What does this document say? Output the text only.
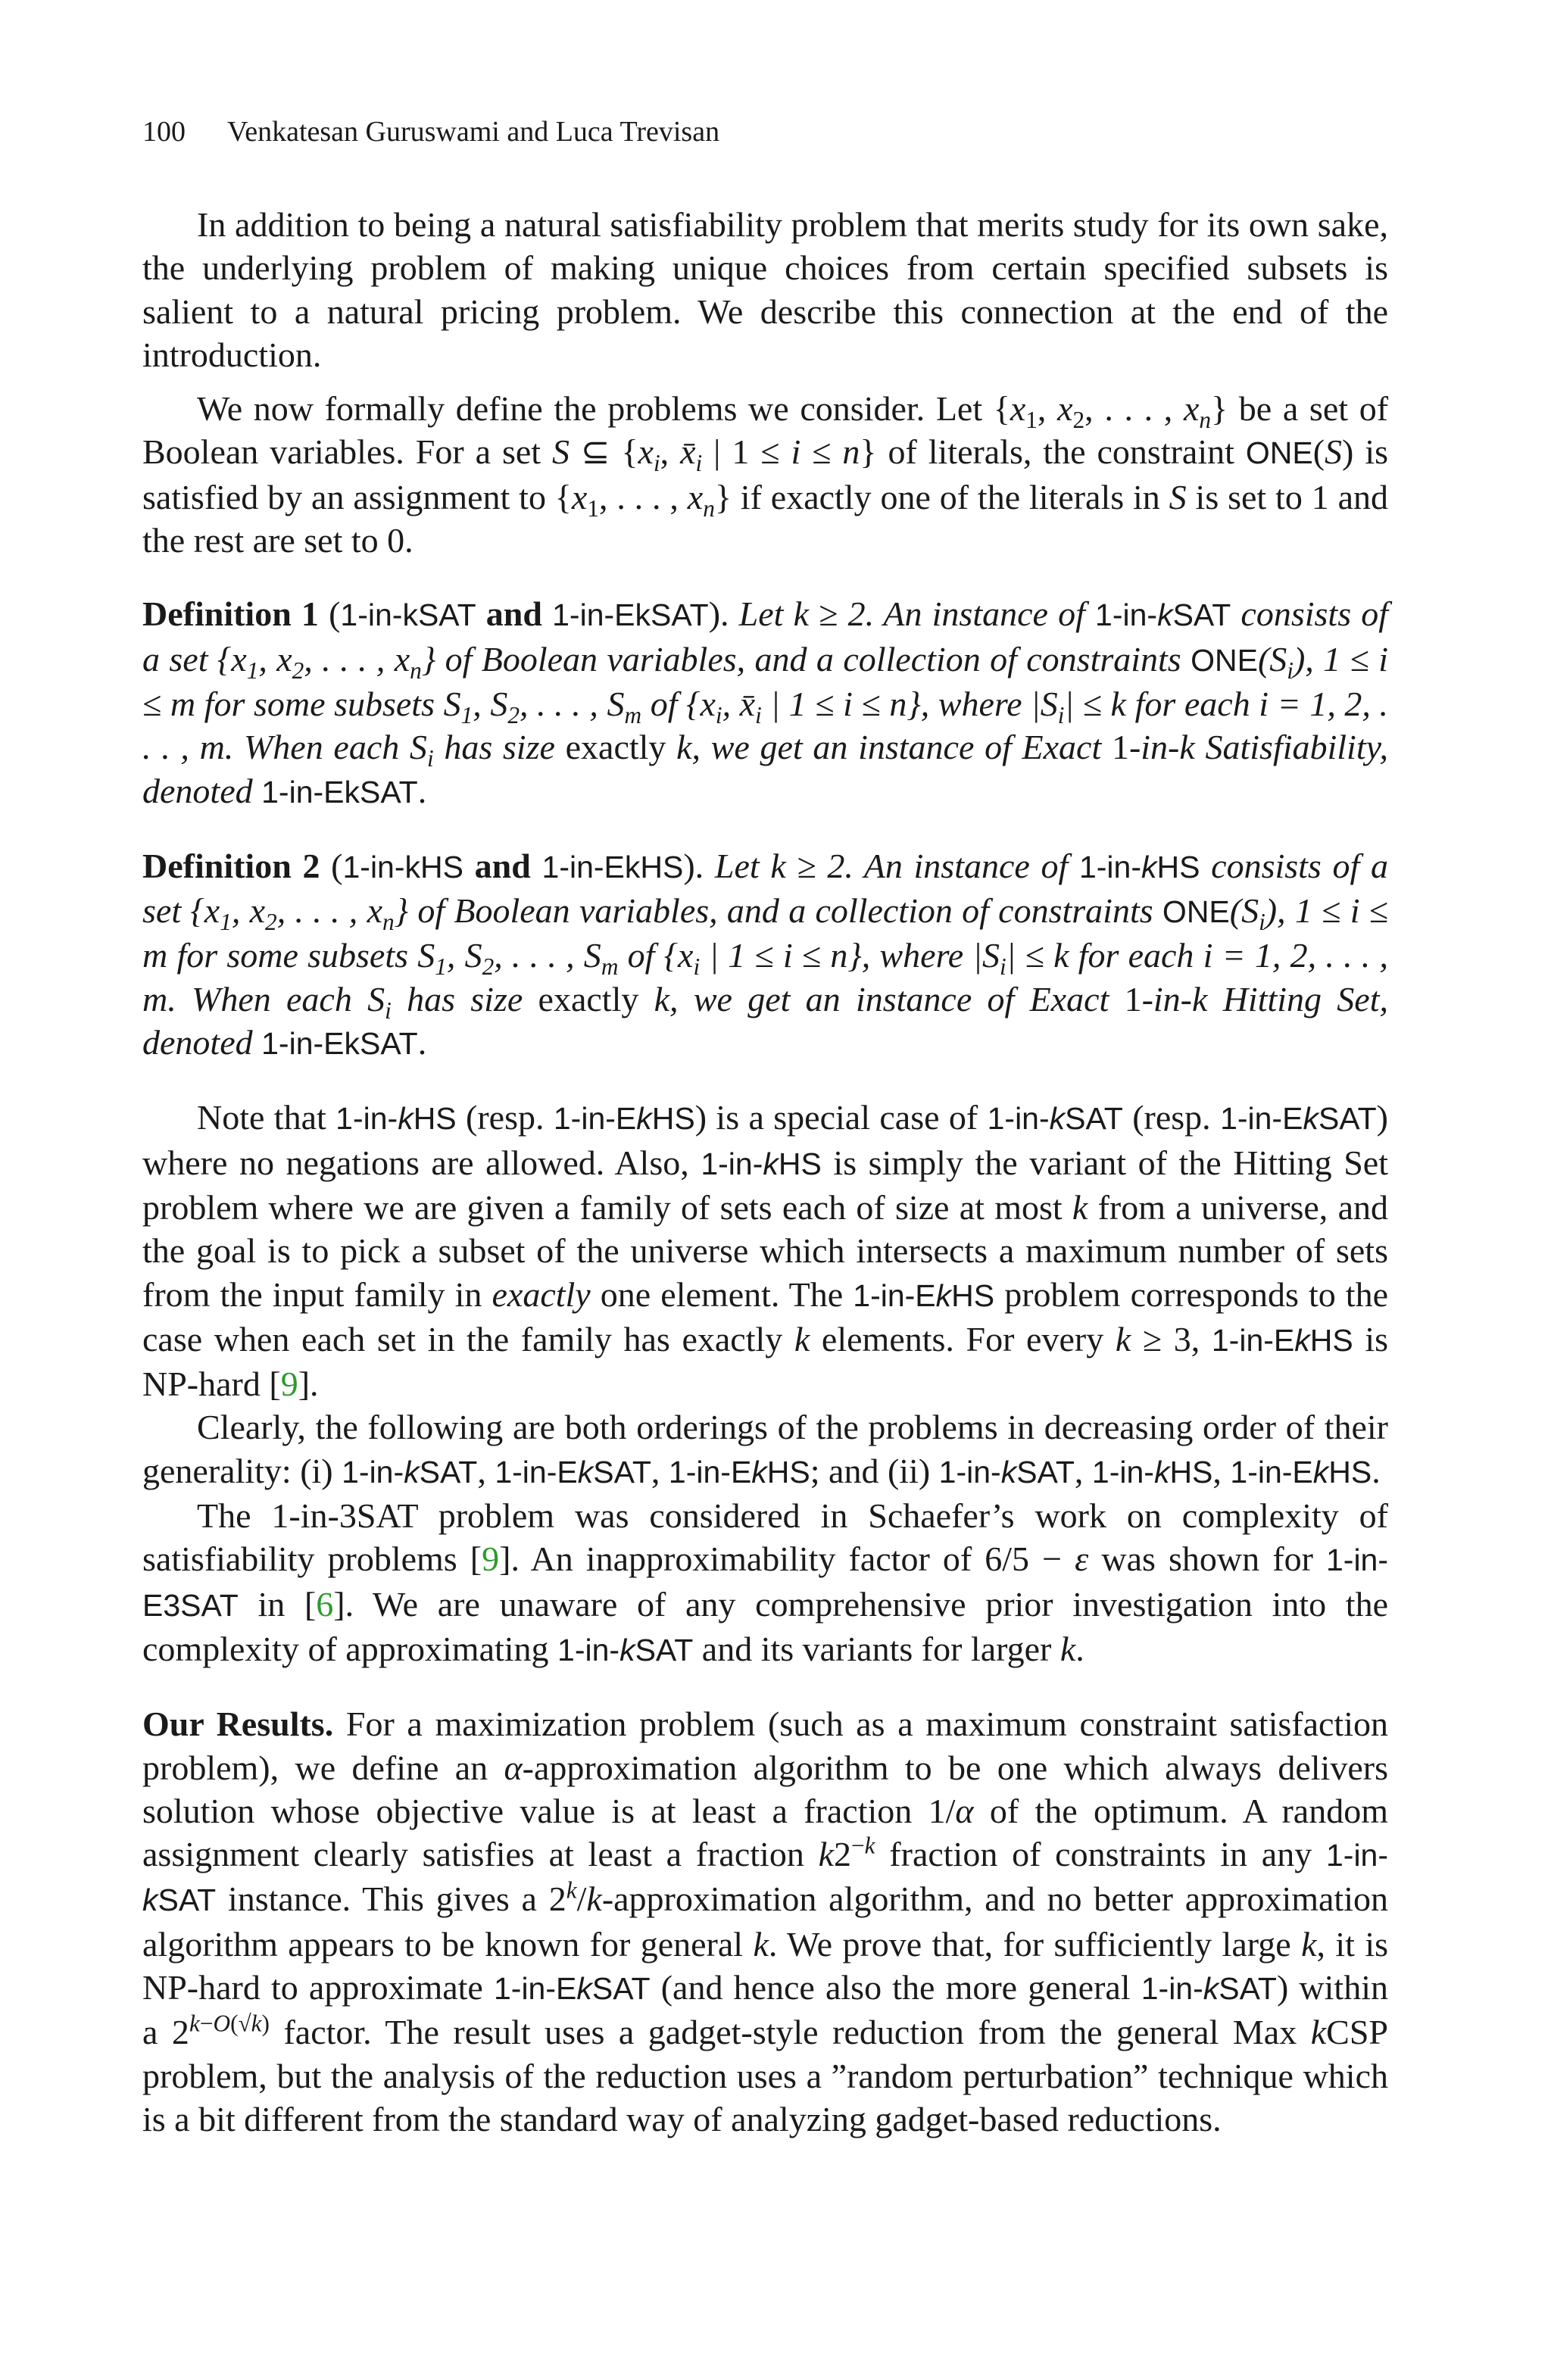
100 Venkatesan Guruswami and Luca Trevisan

In addition to being a natural satisfiability problem that merits study for its own sake, the underlying problem of making unique choices from certain specified subsets is salient to a natural pricing problem. We describe this connection at the end of the introduction.

We now formally define the problems we consider. Let {$x_1$, $x_2$, . . . , $x_n$} be a set of Boolean variables. For a set S ⊆ {$x_i$, $x̄_i$ | 1 ≤ i ≤ n} of literals, the constraint ONE(S) is satisfied by an assignment to {$x_1$, . . . , $x_n$} if exactly one of the literals in S is set to 1 and the rest are set to 0.

Definition 1 (1-in-kSAT and 1-in-EkSAT). Let k ≥ 2. An instance of 1-in-kSAT consists of a set {$x_1$, $x_2$, . . . , $x_n$} of Boolean variables, and a collection of constraints $ONE(S_i)$, 1 ≤ i ≤ m for some subsets $S_1$, $S_2$, . . . , $S_m$ of {$x_i$, $x̄_i$ | 1 ≤ i ≤ n}, where $|S_i| \le k$ for each i = 1, 2, . . . , m. When each $S_i$ has size exactly k, we get an instance of Exact 1-in-k Satisfiability, denoted 1-in-EkSAT.

Definition 2 (1-in-kHS and 1-in-EkHS). Let k ≥ 2. An instance of 1-in-kHS consists of a set {$x_1$, $x_2$, . . . , $x_n$} of Boolean variables, and a collection of constraints $ONE(S_i)$, 1 ≤ i ≤ m for some subsets $S_1$, $S_2$, . . . , $S_m$ of {$x_i$ | 1 ≤ i ≤ n}, where $|S_i| \le k$ for each i = 1, 2, . . . , m. When each $S_i$ has size exactly k, we get an instance of Exact 1-in-k Hitting Set, denoted 1-in-EkSAT.

Note that 1-in-kHS (resp. 1-in-EkHS) is a special case of 1-in-kSAT (resp. 1-in-EkSAT) where no negations are allowed. Also, 1-in-kHS is simply the variant of the Hitting Set problem where we are given a family of sets each of size at most k from a universe, and the goal is to pick a subset of the universe which intersects a maximum number of sets from the input family in exactly one element. The 1-in-EkHS problem corresponds to the case when each set in the family has exactly k elements. For every k ≥ 3, 1-in-EkHS is NP-hard [9].

Clearly, the following are both orderings of the problems in decreasing order of their generality: (i) 1-in-kSAT, 1-in-EkSAT, 1-in-EkHS; and (ii) 1-in-kSAT, 1-in-kHS, 1-in-EkHS.

The 1-in-3SAT problem was considered in Schaefer’s work on complexity of satisfiability problems [9]. An inapproximability factor of 6/5 − ε was shown for 1-in-E3SAT in [6]. We are unaware of any comprehensive prior investigation into the complexity of approximating 1-in-kSAT and its variants for larger k.

Our Results. For a maximization problem (such as a maximum constraint satisfaction problem), we define an α-approximation algorithm to be one which always delivers solution whose objective value is at least a fraction 1/α of the optimum. A random assignment clearly satisfies at least a fraction $k2^{-k}$ fraction of constraints in any 1-in-kSAT instance. This gives a 2$^k$/k-approximation algorithm, and no better approximation algorithm appears to be known for general k. We prove that, for sufficiently large k, it is NP-hard to approximate 1-in-EkSAT (and hence also the more general 1-in-kSAT) within a $2^{k-O(√k)}$ factor. The result uses a gadget-style reduction from the general Max kCSP problem, but the analysis of the reduction uses a ”random perturbation” technique which is a bit different from the standard way of analyzing gadget-based reductions.
